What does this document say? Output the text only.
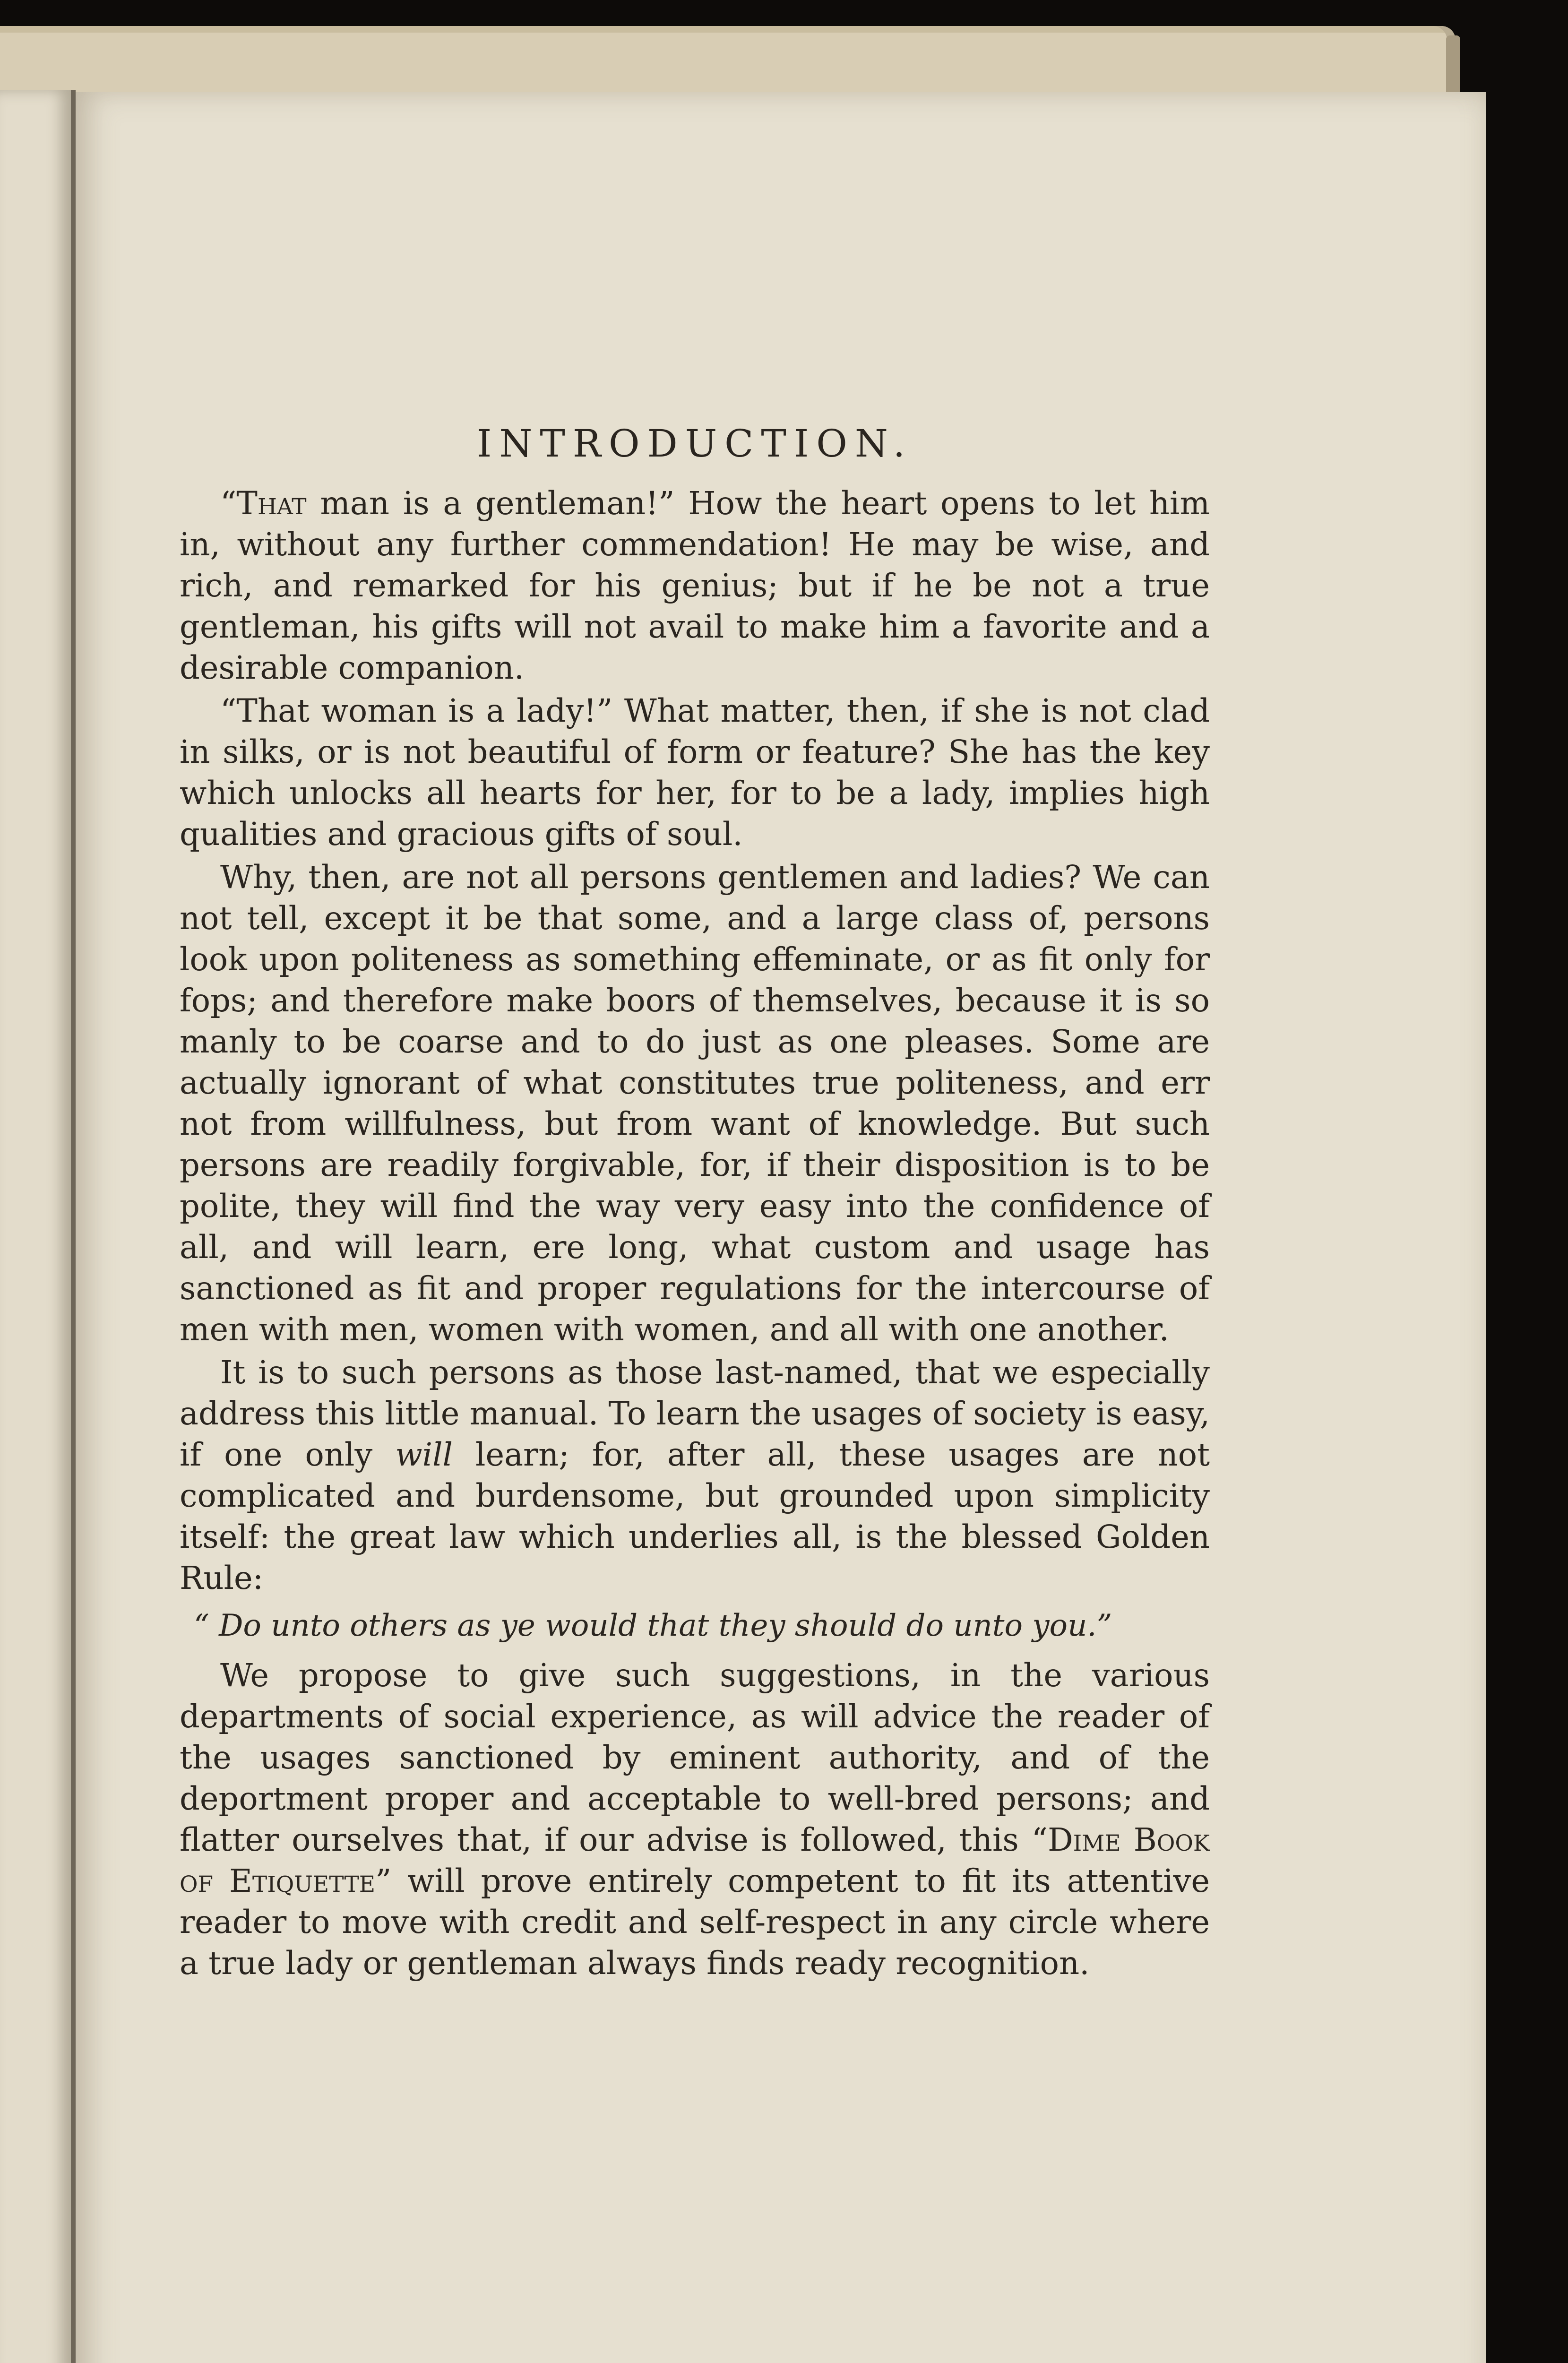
INTRODUCTION.

“That man is a gentleman!” How the heart opens to let him in, without any further commendation! He may be wise, and rich, and remarked for his genius; but if he be not a true gentleman, his gifts will not avail to make him a favorite and a desirable companion.

“That woman is a lady!” What matter, then, if she is not clad in silks, or is not beautiful of form or feature? She has the key which unlocks all hearts for her, for to be a lady, implies high qualities and gracious gifts of soul.

Why, then, are not all persons gentlemen and ladies? We can not tell, except it be that some, and a large class of, persons look upon politeness as something effeminate, or as fit only for fops; and therefore make boors of themselves, because it is so manly to be coarse and to do just as one pleases. Some are actually ignorant of what constitutes true politeness, and err not from willfulness, but from want of knowledge. But such persons are readily forgivable, for, if their disposition is to be polite, they will find the way very easy into the confidence of all, and will learn, ere long, what custom and usage has sanctioned as fit and proper regulations for the intercourse of men with men, women with women, and all with one another.

It is to such persons as those last-named, that we especially address this little manual. To learn the usages of society is easy, if one only will learn; for, after all, these usages are not complicated and burdensome, but grounded upon simplicity itself: the great law which underlies all, is the blessed Golden Rule:

“ Do unto others as ye would that they should do unto you.”

We propose to give such suggestions, in the various departments of social experience, as will advice the reader of the usages sanctioned by eminent authority, and of the deportment proper and acceptable to well-bred persons; and flatter ourselves that, if our advise is followed, this “Dime Book of Etiquette” will prove entirely competent to fit its attentive reader to move with credit and self-respect in any circle where a true lady or gentleman always finds ready recognition.
